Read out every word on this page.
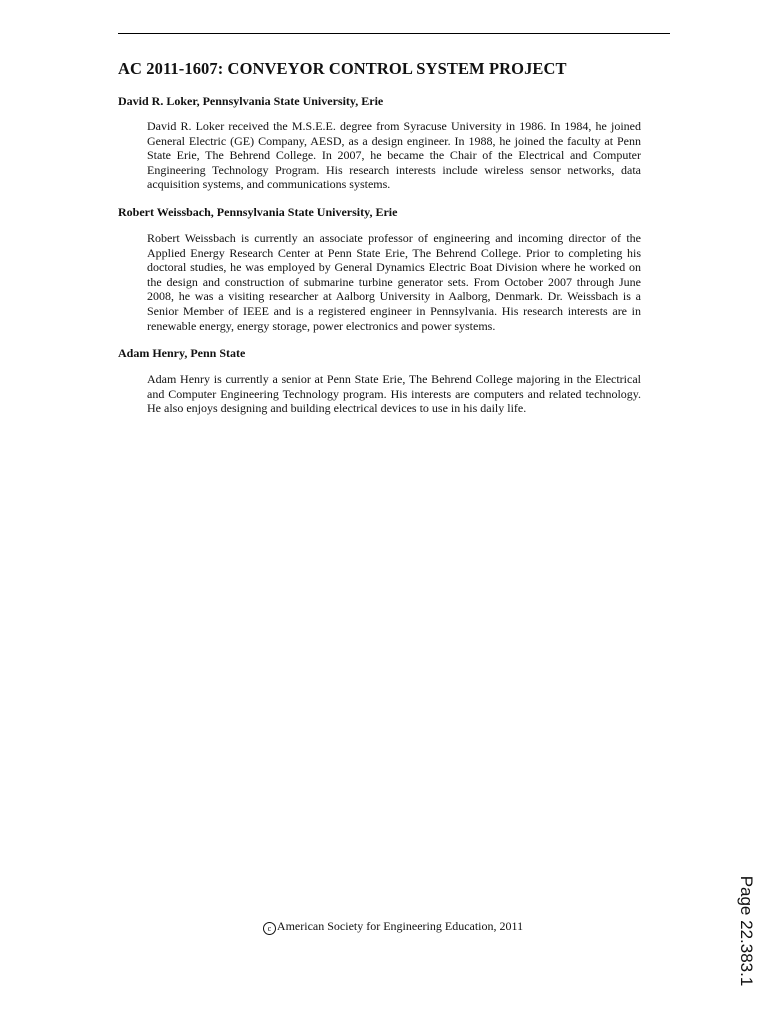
AC 2011-1607: CONVEYOR CONTROL SYSTEM PROJECT

David R. Loker, Pennsylvania State University, Erie

David R. Loker received the M.S.E.E. degree from Syracuse University in 1986. In 1984, he joined General Electric (GE) Company, AESD, as a design engineer. In 1988, he joined the faculty at Penn State Erie, The Behrend College. In 2007, he became the Chair of the Electrical and Computer Engineering Technology Program. His research interests include wireless sensor networks, data acquisition systems, and communications systems.

Robert Weissbach, Pennsylvania State University, Erie

Robert Weissbach is currently an associate professor of engineering and incoming director of the Applied Energy Research Center at Penn State Erie, The Behrend College. Prior to completing his doctoral studies, he was employed by General Dynamics Electric Boat Division where he worked on the design and construction of submarine turbine generator sets. From October 2007 through June 2008, he was a visiting researcher at Aalborg University in Aalborg, Denmark. Dr. Weissbach is a Senior Member of IEEE and is a registered engineer in Pennsylvania. His research interests are in renewable energy, energy storage, power electronics and power systems.

Adam Henry, Penn State

Adam Henry is currently a senior at Penn State Erie, The Behrend College majoring in the Electrical and Computer Engineering Technology program. His interests are computers and related technology. He also enjoys designing and building electrical devices to use in his daily life.

c American Society for Engineering Education, 2011	Page 22.383.1
